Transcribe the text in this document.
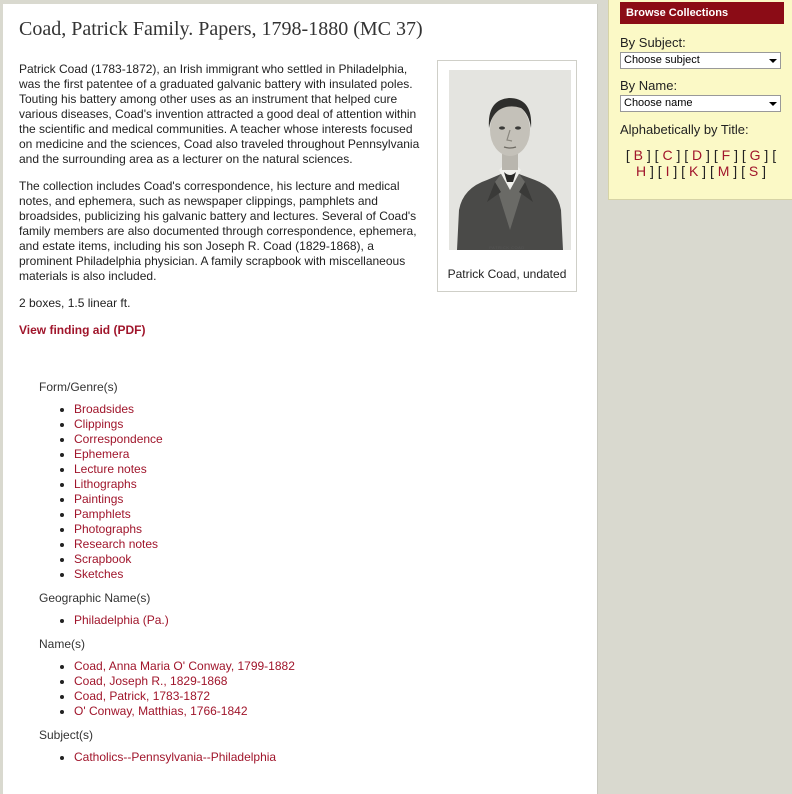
Coad, Patrick Family. Papers, 1798-1880 (MC 37)

Patrick Coad (1783-1872), an Irish immigrant who settled in Philadelphia, was the first patentee of a graduated galvanic battery with insulated poles. Touting his battery among other uses as an instrument that helped cure various diseases, Coad's invention attracted a good deal of attention within the scientific and medical communities. A teacher whose interests focused on medicine and the sciences, Coad also traveled throughout Pennsylvania and the surrounding area as a lecturer on the natural sciences.

The collection includes Coad's correspondence, his lecture and medical notes, and ephemera, such as newspaper clippings, pamphlets and broadsides, publicizing his galvanic battery and lectures. Several of Coad's family members are also documented through correspondence, ephemera, and estate items, including his son Joseph R. Coad (1829-1868), a prominent Philadelphia physician. A family scrapbook with miscellaneous materials is also included.

2 boxes, 1.5 linear ft.

View finding aid (PDF)
PATRICK COAD
Patrick Coad, undated
Form/Genre(s)
• Broadsides
• Clippings
• Correspondence
• Ephemera
• Lecture notes
• Lithographs
• Paintings
• Pamphlets
• Photographs
• Research notes
• Scrapbook
• Sketches
Geographic Name(s)
• Philadelphia (Pa.)
Name(s)
• Coad, Anna Maria O' Conway, 1799-1882
• Coad, Joseph R., 1829-1868
• Coad, Patrick, 1783-1872
• O' Conway, Matthias, 1766-1842
Subject(s)
• Catholics--Pennsylvania--Philadelphia
Browse Collections
By Subject:
Choose subject
By Name:
Choose name
Alphabetically by Title:
[ B ] [ C ] [ D ] [ F ] [ G ] [
H ] [ I ] [ K ] [ M ] [ S ]
